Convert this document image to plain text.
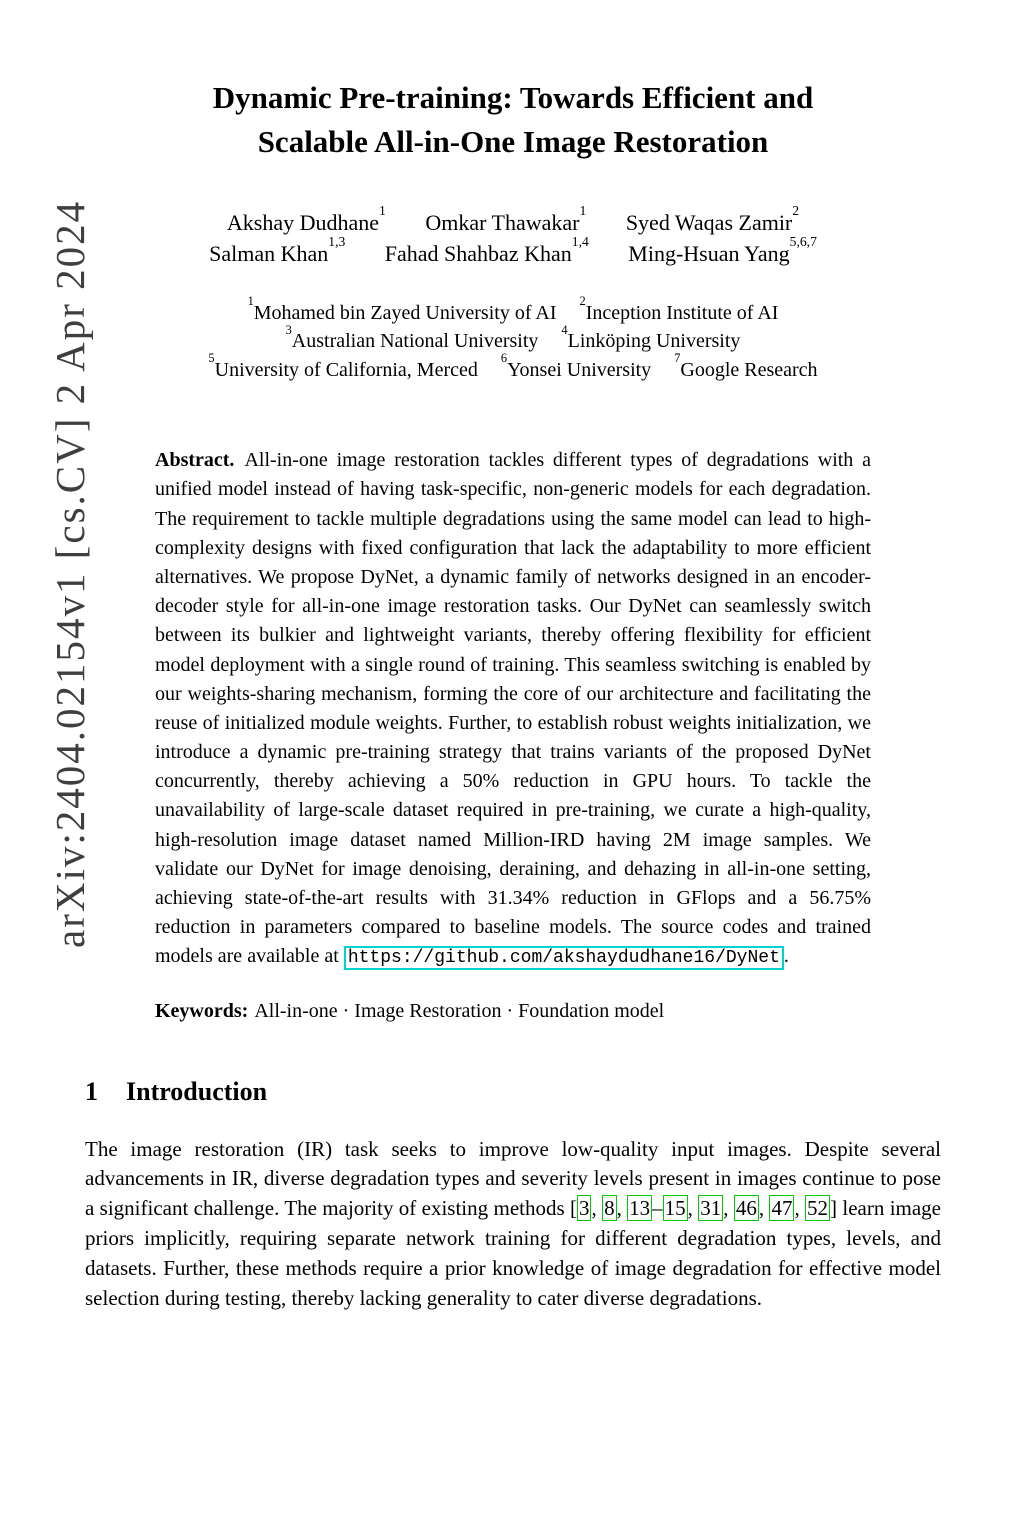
arXiv:2404.02154v1 [cs.CV] 2 Apr 2024
Dynamic Pre-training: Towards Efficient and
Scalable All-in-One Image Restoration
Akshay Dudhane$^1$ Omkar Thawakar$^1$ Syed Waqas Zamir$^2$
Salman Khan$^{1,3}$ Fahad Shahbaz Khan$^{1,4}$ Ming-Hsuan Yang$^{5,6,7}$
$^1$Mohamed bin Zayed University of AI $^2$Inception Institute of AI
$^3$Australian National University $^4$Linköping University
$^5$University of California, Merced $^6$Yonsei University $^7$Google Research

Abstract. All-in-one image restoration tackles different types of degradations with a unified model instead of having task-specific, non-generic models for each degradation. The requirement to tackle multiple degradations using the same model can lead to high-complexity designs with fixed configuration that lack the adaptability to more efficient alternatives. We propose DyNet, a dynamic family of networks designed in an encoder-decoder style for all-in-one image restoration tasks. Our DyNet can seamlessly switch between its bulkier and lightweight variants, thereby offering flexibility for efficient model deployment with a single round of training. This seamless switching is enabled by our weights-sharing mechanism, forming the core of our architecture and facilitating the reuse of initialized module weights. Further, to establish robust weights initialization, we introduce a dynamic pre-training strategy that trains variants of the proposed DyNet concurrently, thereby achieving a 50% reduction in GPU hours. To tackle the unavailability of large-scale dataset required in pre-training, we curate a high-quality, high-resolution image dataset named Million-IRD having 2M image samples. We validate our DyNet for image denoising, deraining, and dehazing in all-in-one setting, achieving state-of-the-art results with 31.34% reduction in GFlops and a 56.75% reduction in parameters compared to baseline models. The source codes and trained models are available at https://github.com/akshaydudhane16/DyNet .

Keywords: All-in-one · Image Restoration · Foundation model

1 Introduction

The image restoration (IR) task seeks to improve low-quality input images. Despite several advancements in IR, diverse degradation types and severity levels present in images continue to pose a significant challenge. The majority of existing methods [3, 8, 13–15, 31, 46, 47, 52] learn image priors implicitly, requiring separate network training for different degradation types, levels, and datasets. Further, these methods require a prior knowledge of image degradation for effective model selection during testing, thereby lacking generality to cater diverse degradations.
